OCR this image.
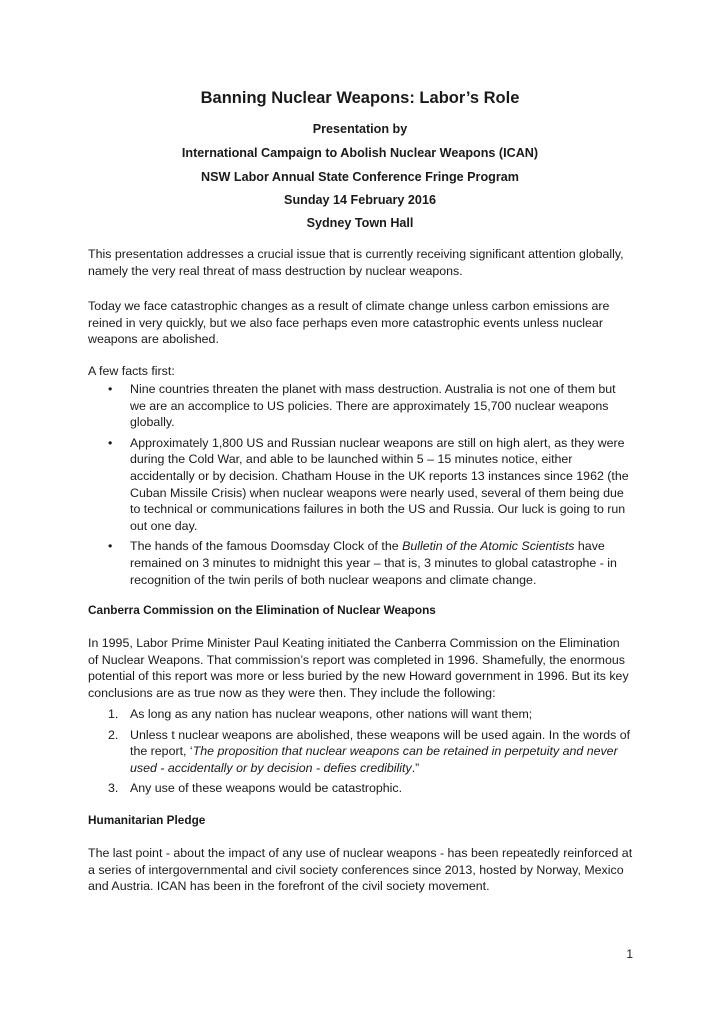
Banning Nuclear Weapons: Labor’s Role
Presentation by
International Campaign to Abolish Nuclear Weapons (ICAN)
NSW Labor Annual State Conference Fringe Program
Sunday 14 February 2016
Sydney Town Hall

This presentation addresses a crucial issue that is currently receiving significant attention globally, namely the very real threat of mass destruction by nuclear weapons.

Today we face catastrophic changes as a result of climate change unless carbon emissions are reined in very quickly, but we also face perhaps even more catastrophic events unless nuclear weapons are abolished.

A few facts first:

• Nine countries threaten the planet with mass destruction. Australia is not one of them but we are an accomplice to US policies. There are approximately 15,700 nuclear weapons globally.
• Approximately 1,800 US and Russian nuclear weapons are still on high alert, as they were during the Cold War, and able to be launched within 5 – 15 minutes notice, either accidentally or by decision. Chatham House in the UK reports 13 instances since 1962 (the Cuban Missile Crisis) when nuclear weapons were nearly used, several of them being due to technical or communications failures in both the US and Russia. Our luck is going to run out one day.
• The hands of the famous Doomsday Clock of the Bulletin of the Atomic Scientists have remained on 3 minutes to midnight this year – that is, 3 minutes to global catastrophe - in recognition of the twin perils of both nuclear weapons and climate change.

Canberra Commission on the Elimination of Nuclear Weapons

In 1995, Labor Prime Minister Paul Keating initiated the Canberra Commission on the Elimination of Nuclear Weapons. That commission’s report was completed in 1996. Shamefully, the enormous potential of this report was more or less buried by the new Howard government in 1996. But its key conclusions are as true now as they were then. They include the following:

1. As long as any nation has nuclear weapons, other nations will want them;
2. Unless t nuclear weapons are abolished, these weapons will be used again. In the words of the report, ‘The proposition that nuclear weapons can be retained in perpetuity and never used - accidentally or by decision - defies credibility.”
3. Any use of these weapons would be catastrophic.

Humanitarian Pledge

The last point - about the impact of any use of nuclear weapons - has been repeatedly reinforced at a series of intergovernmental and civil society conferences since 2013, hosted by Norway, Mexico and Austria. ICAN has been in the forefront of the civil society movement.

1
